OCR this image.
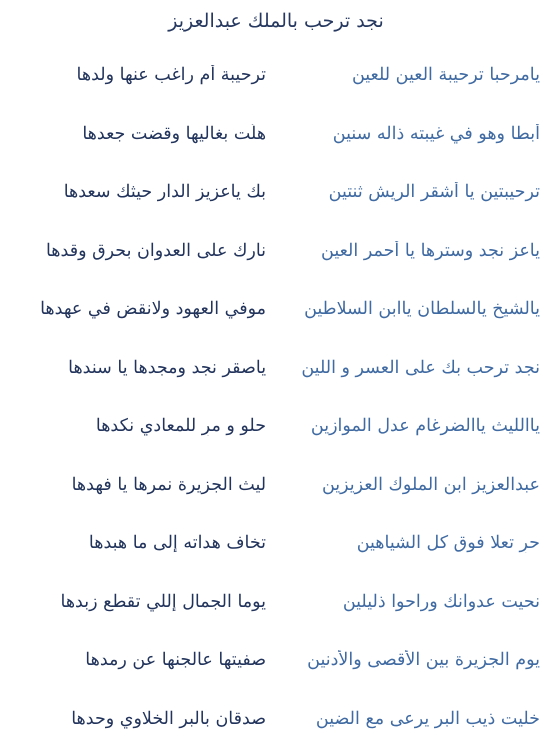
نجد ترحب بالملك عبدالعزيز
يامرحبا ترحيبة العين للعين
ترحيبة أم راغب عنها ولدها
أبطا وهو في غيبته ذاله سنين
هلّت بغاليها وقضت جعدها
ترحيبتين يا أشقر الريش ثنتين
بك ياعزيز الدار حيثك سعدها
ياعز نجد وسترها يا أحمر العين
نارك على العدوان بحرق وقدها
يالشيخ يالسلطان ياابن السلاطين
موفي العهود ولانقض في عهدها
نجد ترحب بك على العسر و اللين
ياصقر نجد ومجدها يا سندها
ياالليث ياالضرغام عدل الموازين
حلو و مرٍ للمعادي نكدها
عبدالعزيز ابن الملوك العزيزين
ليث الجزيرة نمرها يا فهدها
حرٍ تعلا فوق كل الشياهين
تخاف هداته إلى ما هبدها
نحيت عدوانك وراحوا ذليلين
يوما الجمال إللي تقطع زبدها
يوم الجزيرة بين الأقصى والأدنين
صفيتها عالجنها عن رمدها
خليت ذيب البر يرعى مع الضين
صدقان بالبر الخلاوي وحدها
